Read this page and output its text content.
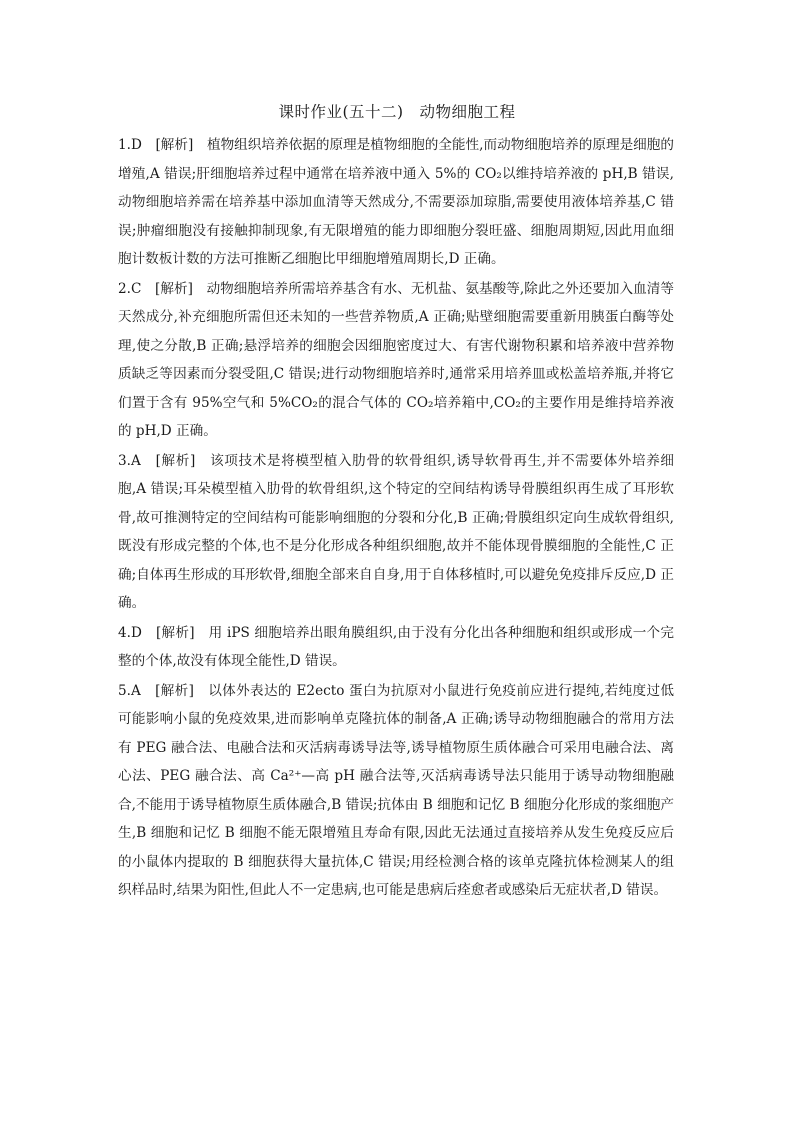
课时作业(五十二)　动物细胞工程

1.D　[解析]　 植物组织培养依据的原理是植物细胞的全能性,而动物细胞培养的原理是细胞的增殖,A 错误;肝细胞培养过程中通常在培养液中通入 5%的 CO₂以维持培养液的 pH,B 错误,动物细胞培养需在培养基中添加血清等天然成分,不需要添加琼脂,需要使用液体培养基,C 错误;肿瘤细胞没有接触抑制现象,有无限增殖的能力即细胞分裂旺盛、细胞周期短,因此用血细胞计数板计数的方法可推断乙细胞比甲细胞增殖周期长,D 正确。

2.C　[解析]　 动物细胞培养所需培养基含有水、无机盐、氨基酸等,除此之外还要加入血清等天然成分,补充细胞所需但还未知的一些营养物质,A 正确;贴壁细胞需要重新用胰蛋白酶等处理,使之分散,B 正确;悬浮培养的细胞会因细胞密度过大、有害代谢物积累和培养液中营养物质缺乏等因素而分裂受阻,C 错误;进行动物细胞培养时,通常采用培养皿或松盖培养瓶,并将它们置于含有 95%空气和 5%CO₂的混合气体的 CO₂培养箱中,CO₂的主要作用是维持培养液的 pH,D 正确。

3.A　[解析]　 该项技术是将模型植入肋骨的软骨组织,诱导软骨再生,并不需要体外培养细胞,A 错误;耳朵模型植入肋骨的软骨组织,这个特定的空间结构诱导骨膜组织再生成了耳形软骨,故可推测特定的空间结构可能影响细胞的分裂和分化,B 正确;骨膜组织定向生成软骨组织,既没有形成完整的个体,也不是分化形成各种组织细胞,故并不能体现骨膜细胞的全能性,C 正确;自体再生形成的耳形软骨,细胞全部来自自身,用于自体移植时,可以避免免疫排斥反应,D 正确。

4.D　[解析]　 用 iPS 细胞培养出眼角膜组织,由于没有分化出各种细胞和组织或形成一个完整的个体,故没有体现全能性,D 错误。

5.A　[解析]　 以体外表达的 E2ecto 蛋白为抗原对小鼠进行免疫前应进行提纯,若纯度过低可能影响小鼠的免疫效果,进而影响单克隆抗体的制备,A 正确;诱导动物细胞融合的常用方法有 PEG 融合法、电融合法和灭活病毒诱导法等,诱导植物原生质体融合可采用电融合法、离心法、PEG 融合法、高 Ca²⁺—高 pH 融合法等,灭活病毒诱导法只能用于诱导动物细胞融合,不能用于诱导植物原生质体融合,B 错误;抗体由 B 细胞和记忆 B 细胞分化形成的浆细胞产生,B 细胞和记忆 B 细胞不能无限增殖且寿命有限,因此无法通过直接培养从发生免疫反应后的小鼠体内提取的 B 细胞获得大量抗体,C 错误;用经检测合格的该单克隆抗体检测某人的组织样品时,结果为阳性,但此人不一定患病,也可能是患病后痊愈者或感染后无症状者,D 错误。
